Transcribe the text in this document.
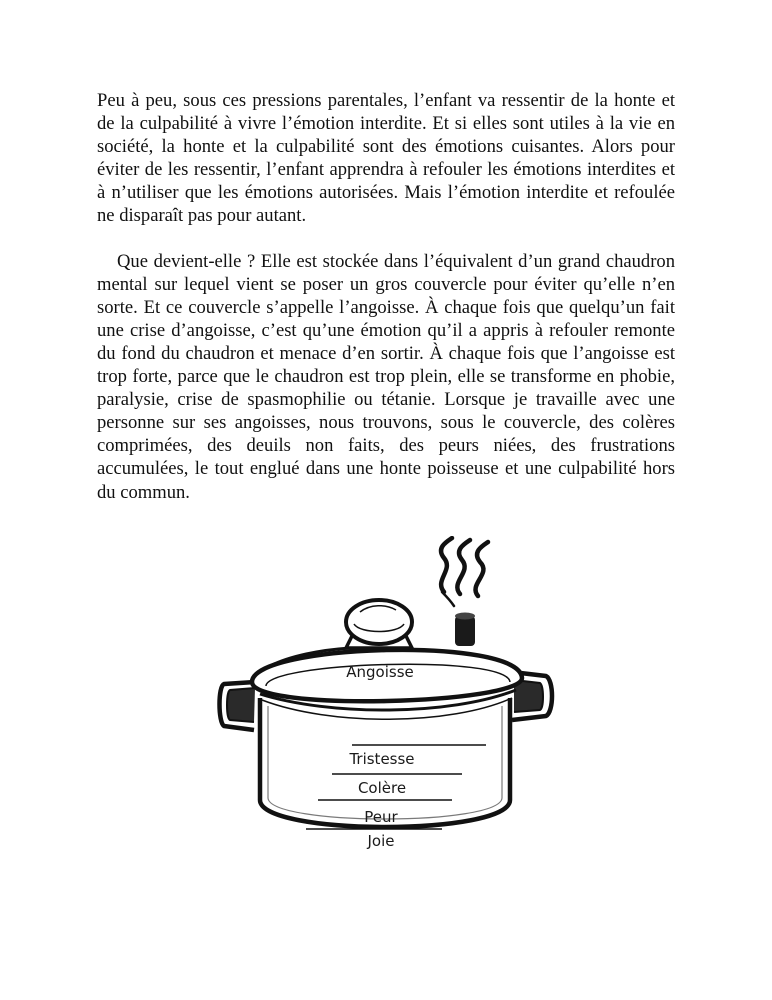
Peu à peu, sous ces pressions parentales, l’enfant va ressentir de la honte et de la culpabilité à vivre l’émotion interdite. Et si elles sont utiles à la vie en société, la honte et la culpabilité sont des émotions cuisantes. Alors pour éviter de les ressentir, l’enfant apprendra à refouler les émotions interdites et à n’utiliser que les émotions autorisées. Mais l’émotion interdite et refoulée ne disparaît pas pour autant.

Que devient-elle ? Elle est stockée dans l’équivalent d’un grand chaudron mental sur lequel vient se poser un gros couvercle pour éviter qu’elle n’en sorte. Et ce couvercle s’appelle l’angoisse. À chaque fois que quelqu’un fait une crise d’angoisse, c’est qu’une émotion qu’il a appris à refouler remonte du fond du chaudron et menace d’en sortir. À chaque fois que l’angoisse est trop forte, parce que le chaudron est trop plein, elle se transforme en phobie, paralysie, crise de spasmophilie ou tétanie. Lorsque je travaille avec une personne sur ses angoisses, nous trouvons, sous le couvercle, des colères comprimées, des deuils non faits, des peurs niées, des frustrations accumulées, le tout englué dans une honte poisseuse et une culpabilité hors du commun.

Angoisse
Tristesse
Colère
Peur
Joie
